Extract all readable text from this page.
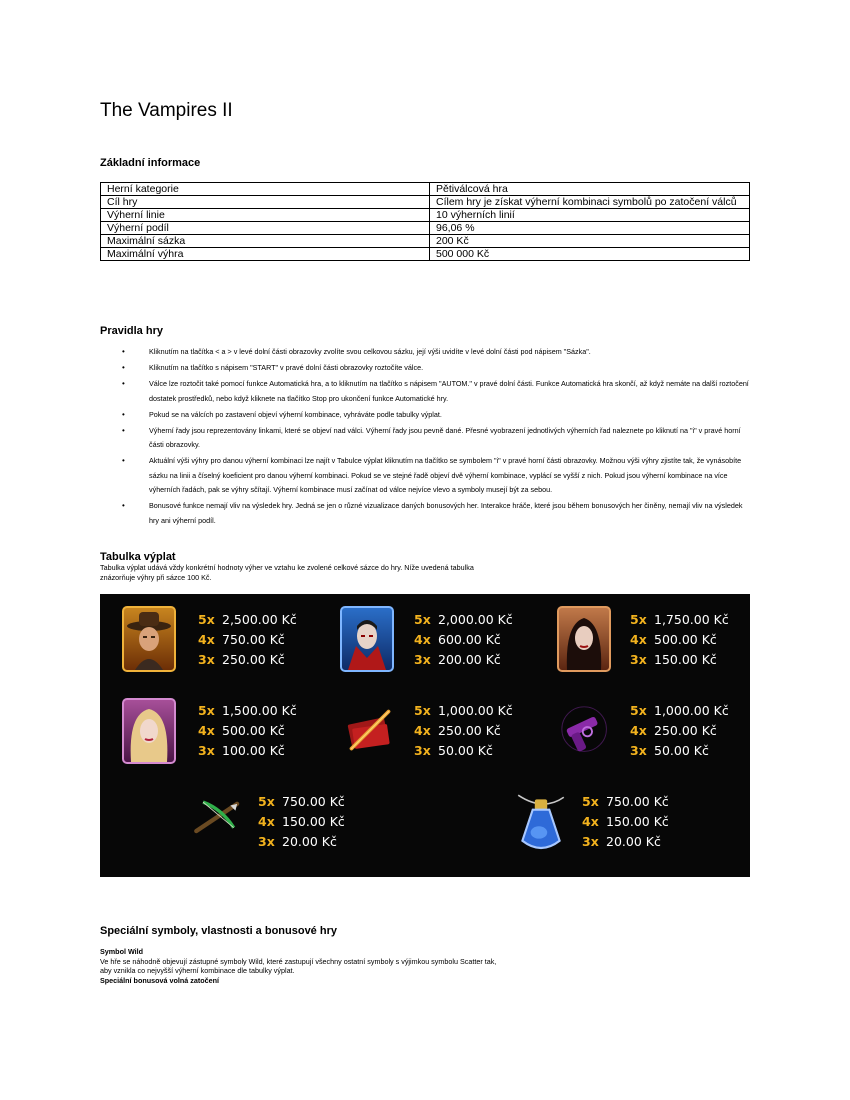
The Vampires II
Základní informace
Herní kategorie	Pětiválcová hra
Cíl hry	Cílem hry je získat výherní kombinaci symbolů po zatočení válců
Výherní linie	10 výherních linií
Výherní podíl	96,06 %
Maximální sázka	200 Kč
Maximální výhra	500 000 Kč
Pravidla hry
• Kliknutím na tlačítka < a > v levé dolní části obrazovky zvolíte svou celkovou sázku, její výši uvidíte v levé dolní části pod nápisem "Sázka".
• Kliknutím na tlačítko s nápisem "START" v pravé dolní části obrazovky roztočíte válce.
• Válce lze roztočit také pomocí funkce Automatická hra, a to kliknutím na tlačítko s nápisem "AUTOM." v pravé dolní části. Funkce Automatická hra skončí, až když nemáte na další roztočení dostatek prostředků, nebo když kliknete na tlačítko Stop pro ukončení funkce Automatické hry.
• Pokud se na válcích po zastavení objeví výherní kombinace, vyhráváte podle tabulky výplat.
• Výherní řady jsou reprezentovány linkami, které se objeví nad válci. Výherní řady jsou pevně dané. Přesné vyobrazení jednotlivých výherních řad naleznete po kliknutí na "i" v pravé horní části obrazovky.
• Aktuální výši výhry pro danou výherní kombinaci lze najít v Tabulce výplat kliknutím na tlačítko se symbolem "i" v pravé horní části obrazovky. Možnou výši výhry zjistíte tak, že vynásobíte sázku na linii a číselný koeficient pro danou výherní kombinaci. Pokud se ve stejné řadě objeví dvě výherní kombinace, vyplácí se vyšší z nich. Pokud jsou výherní kombinace na více výherních řadách, pak se výhry sčítají. Výherní kombinace musí začínat od válce nejvíce vlevo a symboly musejí být za sebou.
• Bonusové funkce nemají vliv na výsledek hry. Jedná se jen o různé vizualizace daných bonusových her. Interakce hráče, které jsou během bonusových her činěny, nemají vliv na výsledek hry ani výherní podíl.
Tabulka výplat
Tabulka výplat udává vždy konkrétní hodnoty výher ve vztahu ke zvolené celkové sázce do hry. Níže uvedená tabulka
znázorňuje výhry při sázce 100 Kč.
5x 2,500.00 Kč
4x 750.00 Kč
3x 250.00 Kč
5x 2,000.00 Kč
4x 600.00 Kč
3x 200.00 Kč
5x 1,750.00 Kč
4x 500.00 Kč
3x 150.00 Kč
5x 1,500.00 Kč
4x 500.00 Kč
3x 100.00 Kč
5x 1,000.00 Kč
4x 250.00 Kč
3x 50.00 Kč
5x 1,000.00 Kč
4x 250.00 Kč
3x 50.00 Kč
5x 750.00 Kč
4x 150.00 Kč
3x 20.00 Kč
5x 750.00 Kč
4x 150.00 Kč
3x 20.00 Kč
Speciální symboly, vlastnosti a bonusové hry
Symbol Wild
Ve hře se náhodně objevují zástupné symboly Wild, které zastupují všechny ostatní symboly s výjimkou symbolu Scatter tak,
aby vznikla co nejvyšší výherní kombinace dle tabulky výplat.
Speciální bonusová volná zatočení
